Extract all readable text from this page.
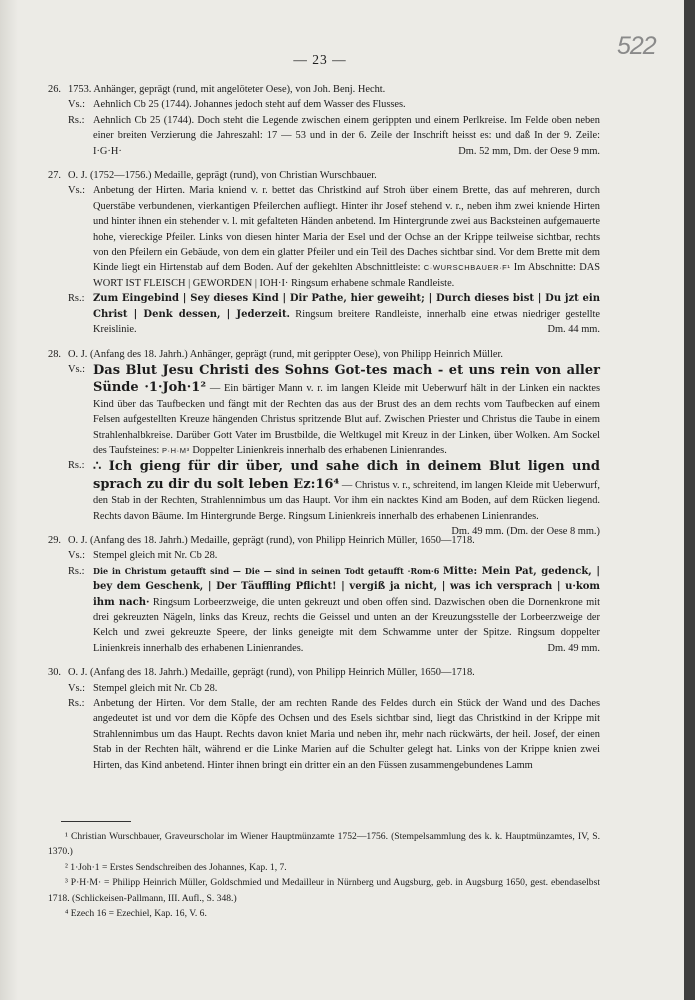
— 23 —	522
26. 1753. Anhänger, geprägt (rund, mit angelöteter Oese), von Joh. Benj. Hecht.
Vs.: Aehnlich Cb 25 (1744). Johannes jedoch steht auf dem Wasser des Flusses.
Rs.: Aehnlich Cb 25 (1744). Doch steht die Legende zwischen einem gerippten und einem Perlkreise. Im Felde oben neben einer breiten Verzierung die Jahreszahl: 17 — 53 und in der 6. Zeile der Inschrift heisst es: und daß In der 9. Zeile: I·G·H·	Dm. 52 mm, Dm. der Oese 9 mm.
27. O. J. (1752—1756.) Medaille, geprägt (rund), von Christian Wurschbauer.
Vs.: Anbetung der Hirten. Maria kniend v. r. bettet das Christkind auf Stroh über einem Brette, das auf mehreren, durch Querstäbe verbundenen, vierkantigen Pfeilerchen aufliegt. Hinter ihr Josef stehend v. r., neben ihm zwei kniende Hirten und hinter ihnen ein stehender v. l. mit gefalteten Händen anbetend. Im Hintergrunde zwei aus Backsteinen aufgemauerte hohe, viereckige Pfeiler. Links von diesen hinter Maria der Esel und der Ochse an der Krippe teilweise sichtbar, rechts von den Pfeilern ein Gebäude, von dem ein glatter Pfeiler und ein Teil des Daches sichtbar sind. Vor dem Brette mit dem Kinde liegt ein Hirtenstab auf dem Boden. Auf der gekehlten Abschnittleiste: C·WURSCHBAUER·F¹ Im Abschnitte: DAS WORT IST FLEISCH | GEWORDEN | IOH·I· Ringsum erhabene schmale Randleiste.
Rs.: Zum Eingebind | Sey dieses Kind | Dir Pathe, hier geweiht; | Durch dieses bist | Du jzt ein Christ | Denk dessen, | Jederzeit. Ringsum breitere Randleiste, innerhalb eine etwas niedriger gestellte Kreislinie.	Dm. 44 mm.
28. O. J. (Anfang des 18. Jahrh.) Anhänger, geprägt (rund, mit gerippter Oese), von Philipp Heinrich Müller.
Vs.: Das Blut Jesu Christi des Sohns Got-tes mach - et uns rein von aller Sünde ·1·Joh·1² — Ein bärtiger Mann v. r. im langen Kleide mit Ueberwurf hält in der Linken ein nacktes Kind über das Taufbecken und fängt mit der Rechten das aus der Brust des an dem rechts vom Taufbecken auf einem Felsen aufgestellten Kreuze hängenden Christus spritzende Blut auf. Zwischen Priester und Christus die Taube in einem Strahlenhalbkreise. Darüber Gott Vater im Brustbilde, die Weltkugel mit Kreuz in der Linken, über Wolken. Am Sockel des Taufsteines: P·H·M³ Doppelter Linienkreis innerhalb des erhabenen Linienrandes.
Rs.: ∴ Ich gieng für dir über, und sahe dich in deinem Blut ligen und sprach zu dir du solt leben Ez:16⁴ — Christus v. r., schreitend, im langen Kleide mit Ueberwurf, den Stab in der Rechten, Strahlennimbus um das Haupt. Vor ihm ein nacktes Kind am Boden, auf dem Rücken liegend. Rechts davon Bäume. Im Hintergrunde Berge. Ringsum Linienkreis innerhalb des erhabenen Linienrandes.
Dm. 49 mm. (Dm. der Oese 8 mm.)
29. O. J. (Anfang des 18. Jahrh.) Medaille, geprägt (rund), von Philipp Heinrich Müller, 1650—1718.
Vs.: Stempel gleich mit Nr. Cb 28.
Rs.: Die in Christum getaufft sind — Die — sind in seinen Todt getaufft ·Rom·6 Mitte: Mein Pat, gedenck, | bey dem Geschenk, | Der Täuffling Pflicht! | vergiß ja nicht, | was ich versprach | u·kom ihm nach· Ringsum Lorbeerzweige, die unten gekreuzt und oben offen sind. Dazwischen oben die Dornenkrone mit drei gekreuzten Nägeln, links das Kreuz, rechts die Geissel und unten an der Kreuzungsstelle der Lorbeerzweige der Kelch und zwei gekreuzte Speere, der links geneigte mit dem Schwamme unter der Spitze. Ringsum doppelter Linienkreis innerhalb des erhabenen Linienrandes.	Dm. 49 mm.
30. O. J. (Anfang des 18. Jahrh.) Medaille, geprägt (rund), von Philipp Heinrich Müller, 1650—1718.
Vs.: Stempel gleich mit Nr. Cb 28.
Rs.: Anbetung der Hirten. Vor dem Stalle, der am rechten Rande des Feldes durch ein Stück der Wand und des Daches angedeutet ist und vor dem die Köpfe des Ochsen und des Esels sichtbar sind, liegt das Christkind in der Krippe mit Strahlennimbus um das Haupt. Rechts davon kniet Maria und neben ihr, mehr nach rückwärts, der heil. Josef, der einen Stab in der Rechten hält, während er die Linke Marien auf die Schulter gelegt hat. Links von der Krippe knien zwei Hirten, das Kind anbetend. Hinter ihnen bringt ein dritter ein an den Füssen zusammengebundenes Lamm
¹ Christian Wurschbauer, Graveurscholar im Wiener Hauptmünzamte 1752—1756. (Stempelsammlung des k. k. Hauptmünzamtes, IV, S. 1370.)
² 1·Joh·1 = Erstes Sendschreiben des Johannes, Kap. 1, 7.
³ P·H·M· = Philipp Heinrich Müller, Goldschmied und Medailleur in Nürnberg und Augsburg, geb. in Augsburg 1650, gest. ebendaselbst 1718. (Schlickeisen-Pallmann, III. Aufl., S. 348.)
⁴ Ezech 16 = Ezechiel, Kap. 16, V. 6.
